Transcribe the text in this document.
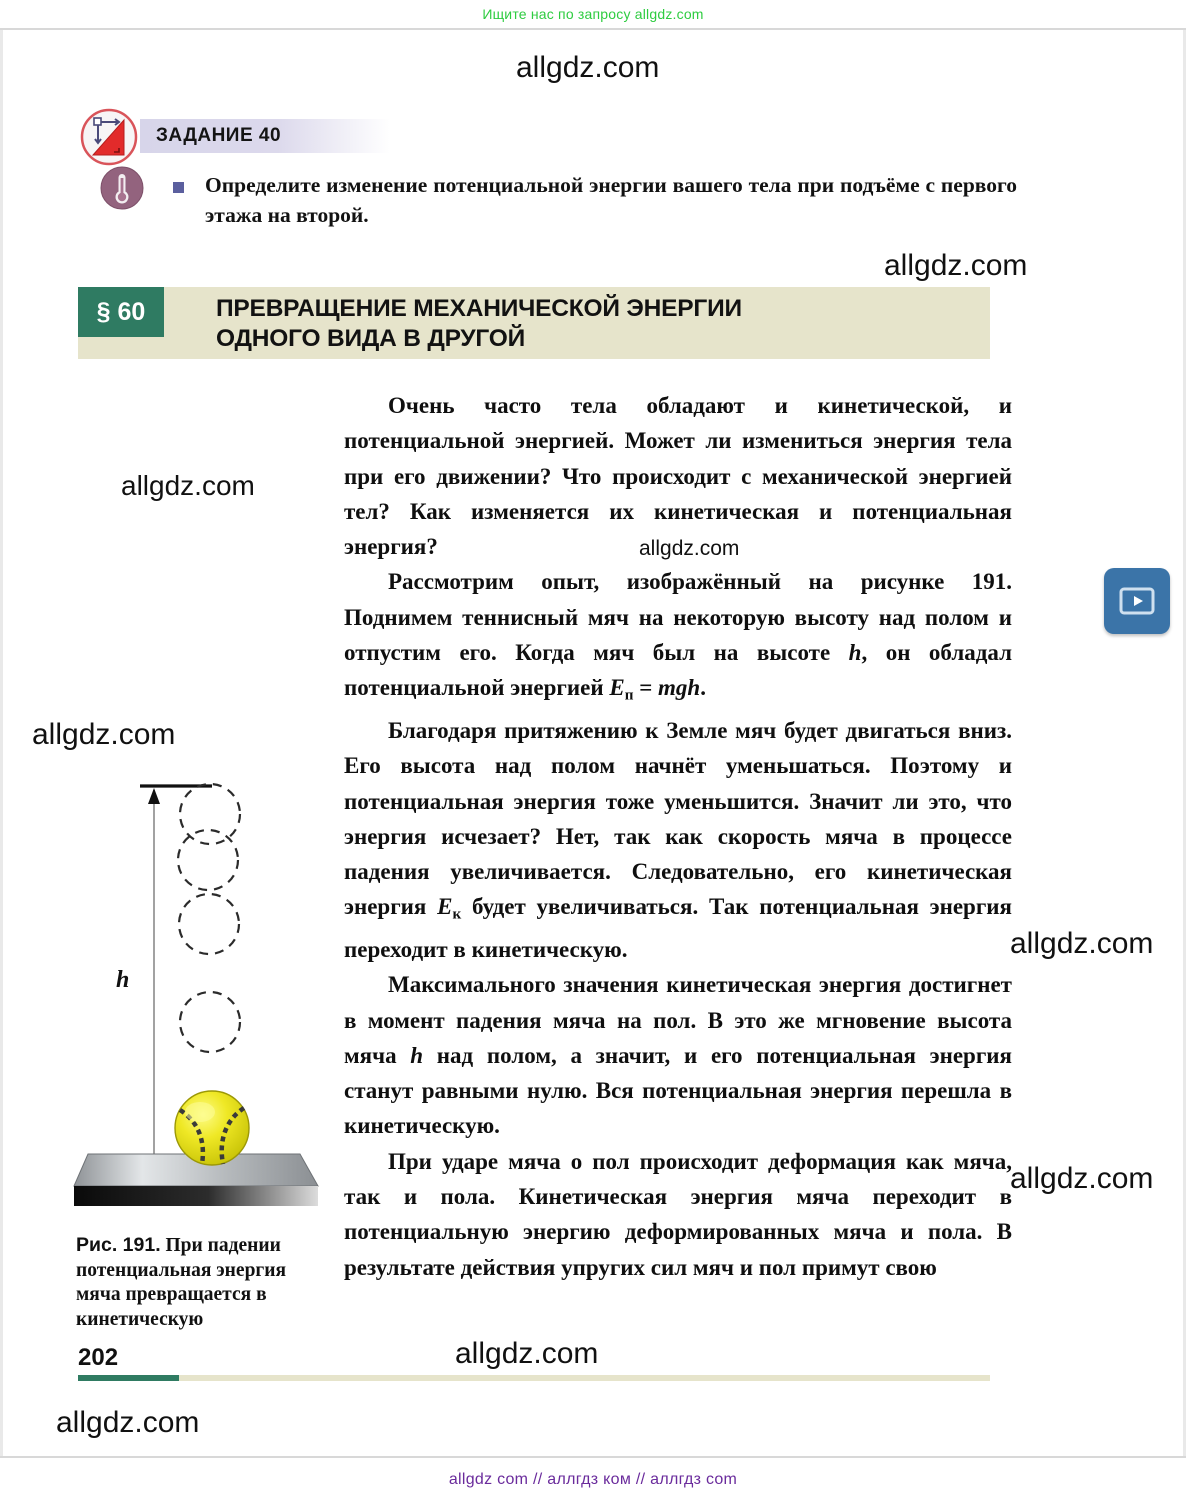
Ищите нас по запросу allgdz.com
ЗАДАНИЕ 40
Определите изменение потенциальной энергии вашего тела при подъёме с первого этажа на второй.
§ 60	ПРЕВРАЩЕНИЕ МЕХАНИЧЕСКОЙ ЭНЕРГИИ
ОДНОГО ВИДА В ДРУГОЙ

Очень часто тела обладают и кинетической, и потенциальной энергией. Может ли измениться энергия тела при его движении? Что происходит с механической энергией тел? Как изменяется их кинетическая и потенциальная энергия?

Рассмотрим опыт, изображённый на рисунке 191. Поднимем теннисный мяч на некоторую высоту над полом и отпустим его. Когда мяч был на высоте h, он обладал потенциальной энергией $E_п$ = mgh.

Благодаря притяжению к Земле мяч будет двигаться вниз. Его высота над полом начнёт уменьшаться. Поэтому и потенциальная энергия тоже уменьшится. Значит ли это, что энергия исчезает? Нет, так как скорость мяча в процессе падения увеличивается. Следовательно, его кинетическая энергия $E_к$ будет увеличиваться. Так потенциальная энергия переходит в кинетическую.

Максимального значения кинетическая энергия достигнет в момент падения мяча на пол. В это же мгновение высота мяча h над полом, а значит, и его потенциальная энергия станут равными нулю. Вся потенциальная энергия перешла в кинетическую.

При ударе мяча о пол происходит деформация как мяча, так и пола. Кинетическая энергия мяча переходит в потенциальную энергию деформированных мяча и пола. В результате действия упругих сил мяч и пол примут свою

h
Рис. 191. При падении потенциальная энергия мяча превращается в кинетическую
202
allgdz com // аллгдз ком // аллгдз com
allgdz.com
allgdz.com
allgdz.com
allgdz.com
allgdz.com
allgdz.com
allgdz.com
allgdz.com
allgdz.com
